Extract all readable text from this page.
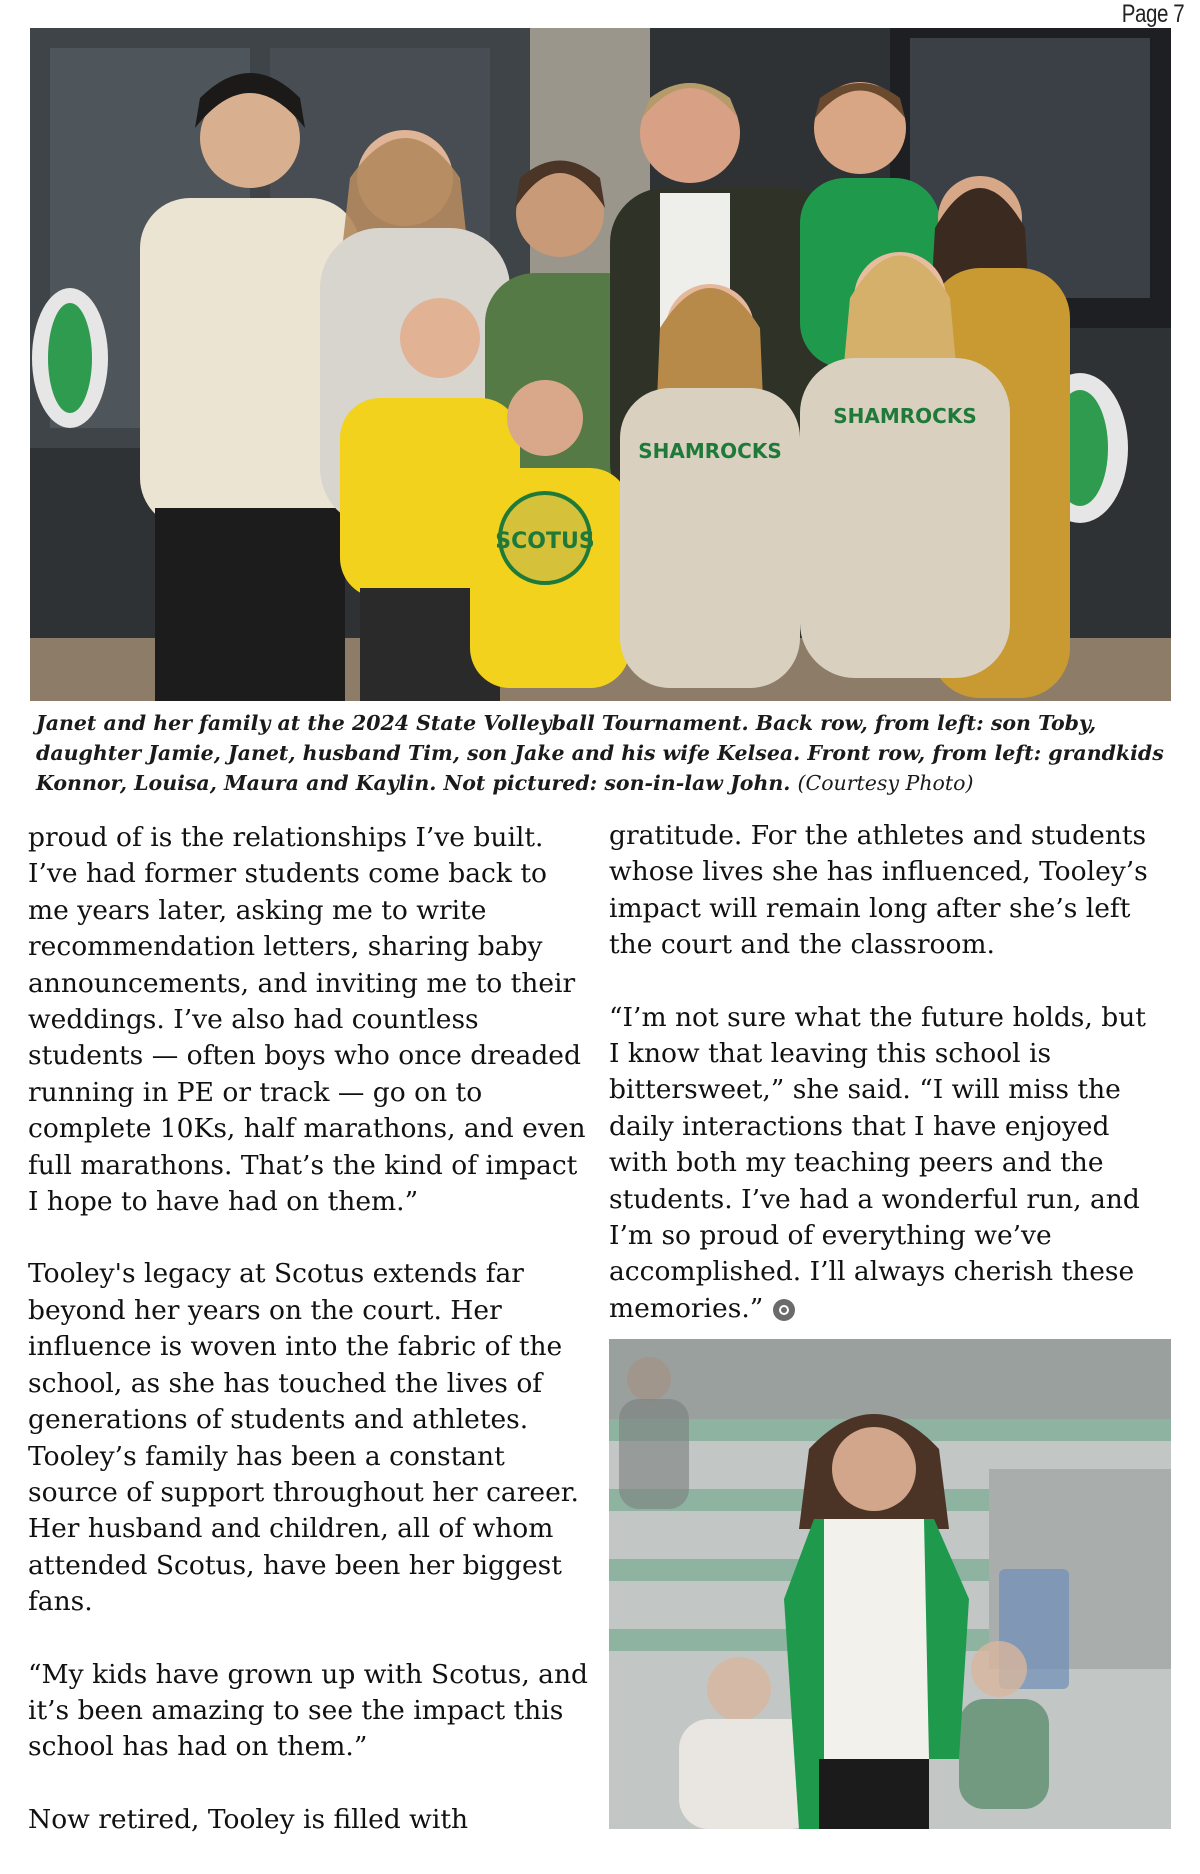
Page 7
SCOTUS
SHAMROCKS
SHAMROCKS
Janet and her family at the 2024 State Volleyball Tournament. Back row, from left: son Toby, daughter Jamie, Janet, husband Tim, son Jake and his wife Kelsea. Front row, from left: grandkids Konnor, Louisa, Maura and Kaylin. Not pictured: son-in-law John. (Courtesy Photo)

proud of is the relationships I’ve built.
I’ve had former students come back to
me years later, asking me to write
recommendation letters, sharing baby
announcements, and inviting me to their
weddings. I’ve also had countless
students — often boys who once dreaded
running in PE or track — go on to
complete 10Ks, half marathons, and even
full marathons. That’s the kind of impact
I hope to have had on them.”

Tooley's legacy at Scotus extends far
beyond her years on the court. Her
influence is woven into the fabric of the
school, as she has touched the lives of
generations of students and athletes.
Tooley’s family has been a constant
source of support throughout her career.
Her husband and children, all of whom
attended Scotus, have been her biggest
fans.

“My kids have grown up with Scotus, and
it’s been amazing to see the impact this
school has had on them.”

Now retired, Tooley is filled with

gratitude. For the athletes and students
whose lives she has influenced, Tooley’s
impact will remain long after she’s left
the court and the classroom.

“I’m not sure what the future holds, but
I know that leaving this school is
bittersweet,” she said. “I will miss the
daily interactions that I have enjoyed
with both my teaching peers and the
students. I’ve had a wonderful run, and
I’m so proud of everything we’ve
accomplished. I’ll always cherish these
memories.”
